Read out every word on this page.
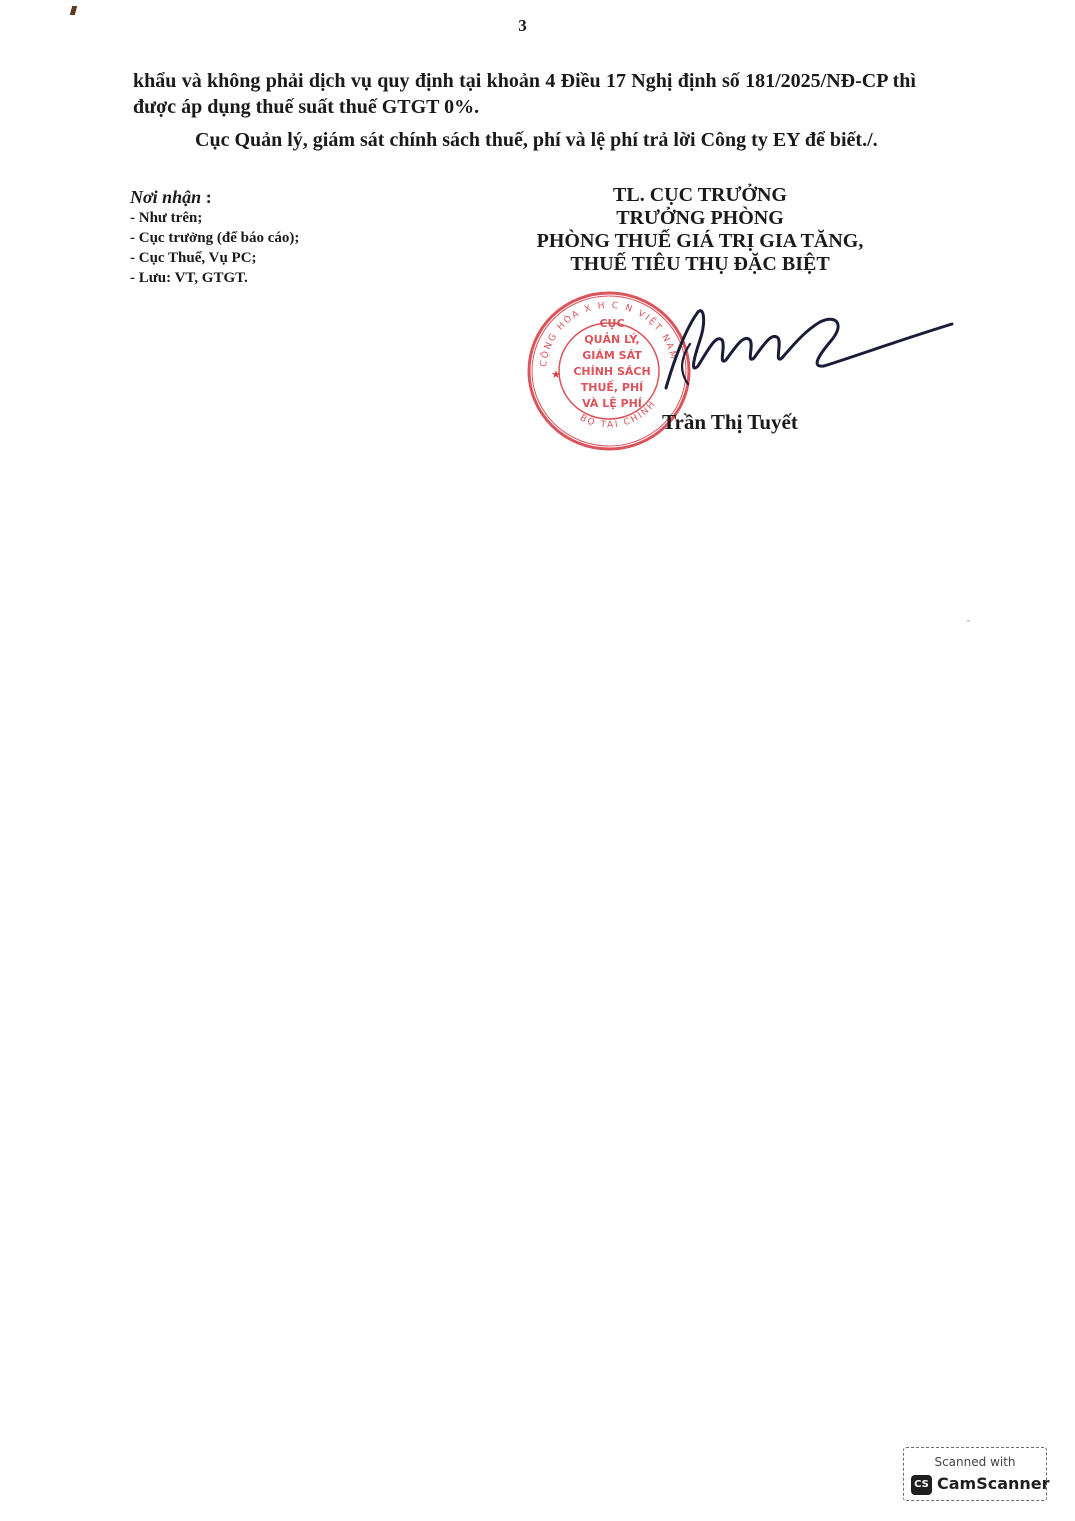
3

khẩu và không phải dịch vụ quy định tại khoản 4 Điều 17 Nghị định số 181/2025/NĐ-CP thì được áp dụng thuế suất thuế GTGT 0%.

Cục Quản lý, giám sát chính sách thuế, phí và lệ phí trả lời Công ty EY để biết./.

Nơi nhận :
- Như trên;
- Cục trưởng (để báo cáo);
- Cục Thuế, Vụ PC;
- Lưu: VT, GTGT.
TL. CỤC TRƯỞNG
TRƯỞNG PHÒNG
PHÒNG THUẾ GIÁ TRỊ GIA TĂNG,
THUẾ TIÊU THỤ ĐẶC BIỆT
CỘNG HÒA X H C N VIỆT NAM
BỘ TÀI CHÍNH
★
CỤC
QUẢN LÝ,
GIÁM SÁT
CHÍNH SÁCH
THUẾ, PHÍ
VÀ LỆ PHÍ
Trần Thị Tuyết
Scanned with
CS CamScanner
